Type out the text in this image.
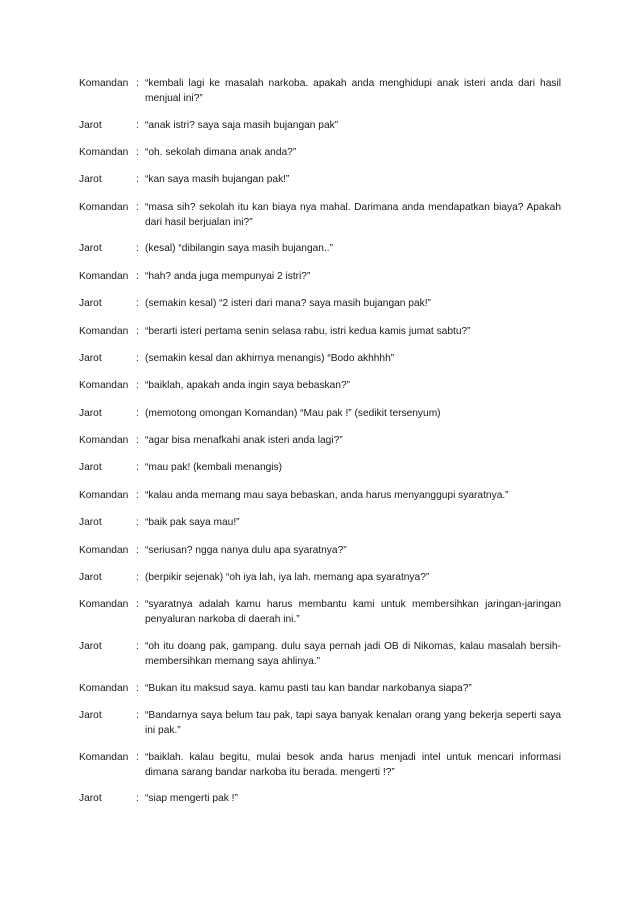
Komandan : “kembali lagi ke masalah narkoba. apakah anda menghidupi anak isteri anda dari hasil menjual ini?”
Jarot	: “anak istri? saya saja masih bujangan pak”
Komandan : “oh. sekolah dimana anak anda?”
Jarot	: “kan saya masih bujangan pak!”
Komandan : “masa sih? sekolah itu kan biaya nya mahal. Darimana anda mendapatkan biaya? Apakah dari hasil berjualan ini?”
Jarot	: (kesal) “dibilangin saya masih bujangan..”
Komandan : “hah? anda juga mempunyai 2 istri?”
Jarot	: (semakin kesal) “2 isteri dari mana? saya masih bujangan pak!”
Komandan : “berarti isteri pertama senin selasa rabu, istri kedua kamis jumat sabtu?”
Jarot	: (semakin kesal dan akhirnya menangis) “Bodo akhhhh”
Komandan : “baiklah, apakah anda ingin saya bebaskan?”
Jarot	: (memotong omongan Komandan) “Mau pak !” (sedikit tersenyum)
Komandan : “agar bisa menafkahi anak isteri anda lagi?”
Jarot	: “mau pak! (kembali menangis)
Komandan : “kalau anda memang mau saya bebaskan, anda harus menyanggupi syaratnya.”
Jarot	: “baik pak saya mau!”
Komandan : “seriusan? ngga nanya dulu apa syaratnya?”
Jarot	: (berpikir sejenak) “oh iya lah, iya lah. memang apa syaratnya?”
Komandan : “syaratnya adalah kamu harus membantu kami untuk membersihkan jaringan-jaringan penyaluran narkoba di daerah ini.”
Jarot	: “oh itu doang pak, gampang. dulu saya pernah jadi OB di Nikomas, kalau masalah bersih-membersihkan memang saya ahlinya.”
Komandan : “Bukan itu maksud saya. kamu pasti tau kan bandar narkobanya siapa?”
Jarot	: “Bandarnya saya belum tau pak, tapi saya banyak kenalan orang yang bekerja seperti saya ini pak.”
Komandan : “baiklah. kalau begitu, mulai besok anda harus menjadi intel untuk mencari informasi dimana sarang bandar narkoba itu berada. mengerti !?”
Jarot	: “siap mengerti pak !”
